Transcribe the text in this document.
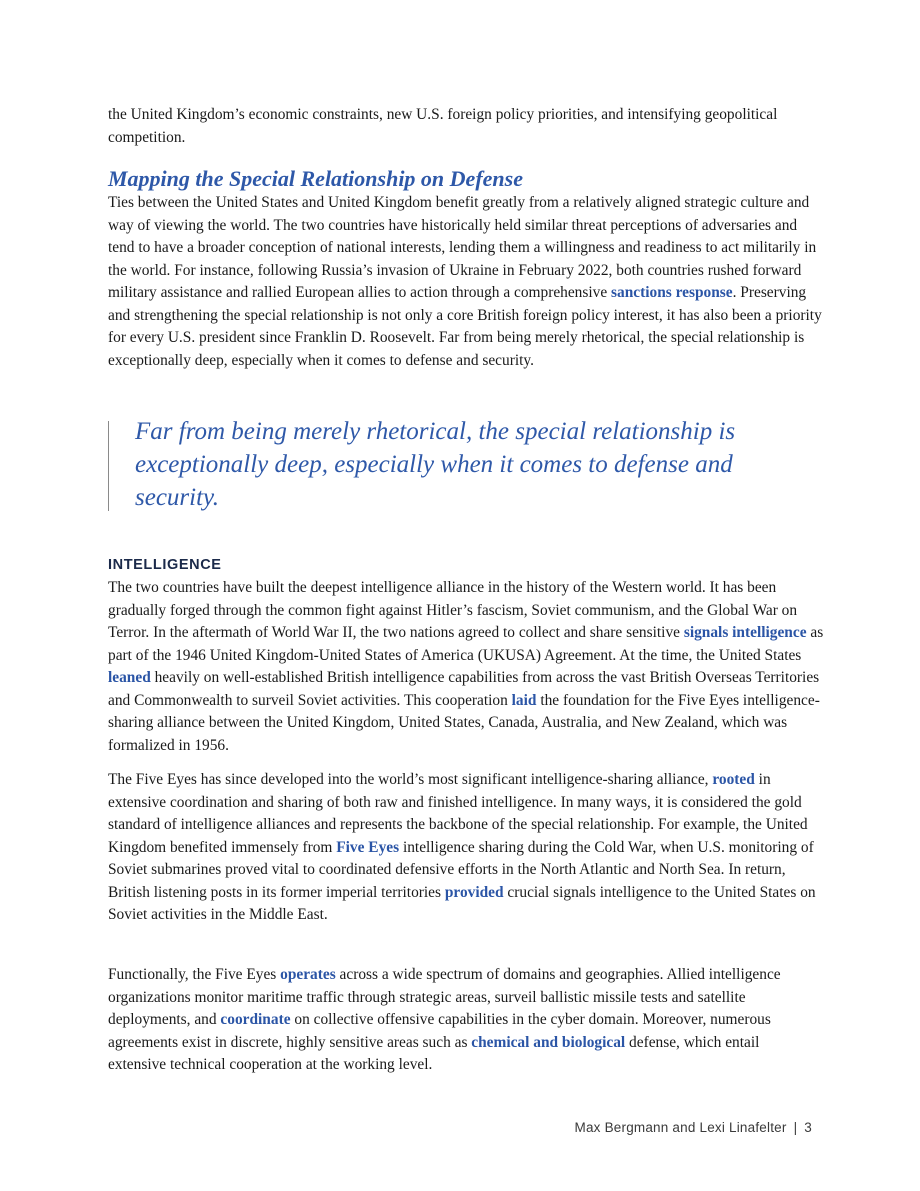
the United Kingdom’s economic constraints, new U.S. foreign policy priorities, and intensifying geopolitical competition.

Mapping the Special Relationship on Defense

Ties between the United States and United Kingdom benefit greatly from a relatively aligned strategic culture and way of viewing the world. The two countries have historically held similar threat perceptions of adversaries and tend to have a broader conception of national interests, lending them a willingness and readiness to act militarily in the world. For instance, following Russia’s invasion of Ukraine in February 2022, both countries rushed forward military assistance and rallied European allies to action through a comprehensive sanctions response. Preserving and strengthening the special relationship is not only a core British foreign policy interest, it has also been a priority for every U.S. president since Franklin D. Roosevelt. Far from being merely rhetorical, the special relationship is exceptionally deep, especially when it comes to defense and security.

Far from being merely rhetorical, the special relationship is exceptionally deep, especially when it comes to defense and security.

INTELLIGENCE

The two countries have built the deepest intelligence alliance in the history of the Western world. It has been gradually forged through the common fight against Hitler’s fascism, Soviet communism, and the Global War on Terror. In the aftermath of World War II, the two nations agreed to collect and share sensitive signals intelligence as part of the 1946 United Kingdom-United States of America (UKUSA) Agreement. At the time, the United States leaned heavily on well-established British intelligence capabilities from across the vast British Overseas Territories and Commonwealth to surveil Soviet activities. This cooperation laid the foundation for the Five Eyes intelligence-sharing alliance between the United Kingdom, United States, Canada, Australia, and New Zealand, which was formalized in 1956.

The Five Eyes has since developed into the world’s most significant intelligence-sharing alliance, rooted in extensive coordination and sharing of both raw and finished intelligence. In many ways, it is considered the gold standard of intelligence alliances and represents the backbone of the special relationship. For example, the United Kingdom benefited immensely from Five Eyes intelligence sharing during the Cold War, when U.S. monitoring of Soviet submarines proved vital to coordinated defensive efforts in the North Atlantic and North Sea. In return, British listening posts in its former imperial territories provided crucial signals intelligence to the United States on Soviet activities in the Middle East.

Functionally, the Five Eyes operates across a wide spectrum of domains and geographies. Allied intelligence organizations monitor maritime traffic through strategic areas, surveil ballistic missile tests and satellite deployments, and coordinate on collective offensive capabilities in the cyber domain. Moreover, numerous agreements exist in discrete, highly sensitive areas such as chemical and biological defense, which entail extensive technical cooperation at the working level.

Max Bergmann and Lexi Linafelter | 3
